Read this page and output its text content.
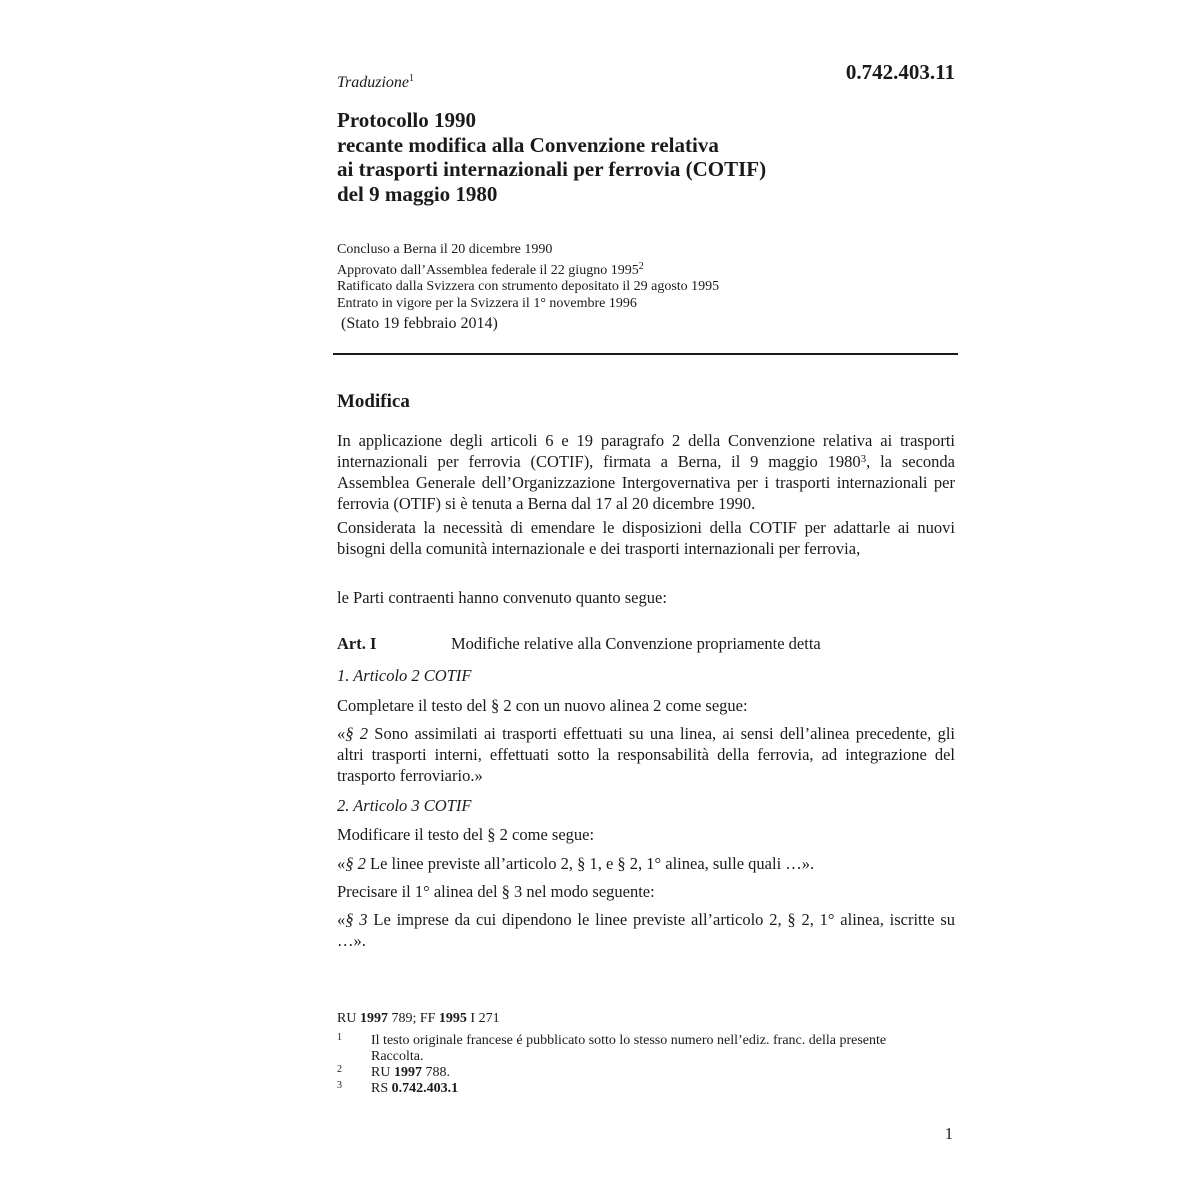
Traduzione$^1$	0.742.403.11
Protocollo 1990
recante modifica alla Convenzione relativa
ai trasporti internazionali per ferrovia (COTIF)
del 9 maggio 1980
Concluso a Berna il 20 dicembre 1990
Approvato dall’Assemblea federale il 22 giugno 1995$^2$
Ratificato dalla Svizzera con strumento depositato il 29 agosto 1995
Entrato in vigore per la Svizzera il 1° novembre 1996
(Stato 19 febbraio 2014)
Modifica

In applicazione degli articoli 6 e 19 paragrafo 2 della Convenzione relativa ai trasporti internazionali per ferrovia (COTIF), firmata a Berna, il 9 maggio 1980$^3$, la seconda Assemblea Generale dell’Organizzazione Intergovernativa per i trasporti internazionali per ferrovia (OTIF) si è tenuta a Berna dal 17 al 20 dicembre 1990.

Considerata la necessità di emendare le disposizioni della COTIF per adattarle ai nuovi bisogni della comunità internazionale e dei trasporti internazionali per ferrovia,

le Parti contraenti hanno convenuto quanto segue:

Art. I	Modifiche relative alla Convenzione propriamente detta
1. Articolo 2 COTIF

Completare il testo del § 2 con un nuovo alinea 2 come segue:

«§ 2 Sono assimilati ai trasporti effettuati su una linea, ai sensi dell’alinea precedente, gli altri trasporti interni, effettuati sotto la responsabilità della ferrovia, ad integrazione del trasporto ferroviario.»

2. Articolo 3 COTIF

Modificare il testo del § 2 come segue:

«§ 2 Le linee previste all’articolo 2, § 1, e § 2, 1° alinea, sulle quali …».

Precisare il 1° alinea del § 3 nel modo seguente:

«§ 3 Le imprese da cui dipendono le linee previste all’articolo 2, § 2, 1° alinea, iscritte su …».

RU 1997 789; FF 1995 I 271
1 Il testo originale francese é pubblicato sotto lo stesso numero nell’ediz. franc. della presente Raccolta.
2 RU 1997 788.
3 RS 0.742.403.1
1
